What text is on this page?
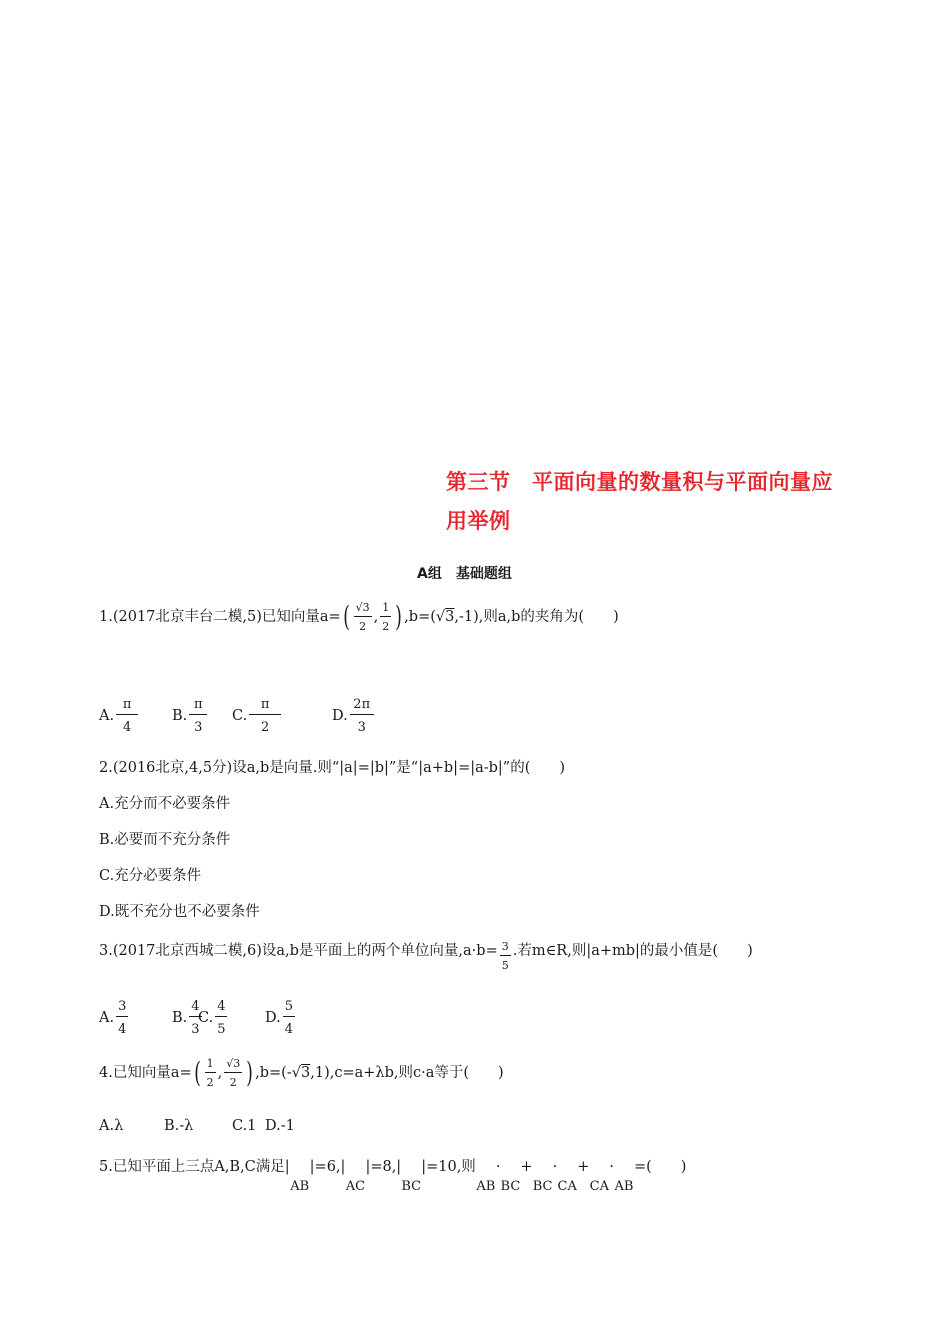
第三节　平面向量的数量积与平面向量应
用举例
A组　基础题组
1.(2017北京丰台二模,5)已知向量$a=( \frac{√3}{2}$ , $\frac{1}{2}$ ) ,b=(√3,-1),则a,b的夹角为(　　)
A. $\frac{\pi}{4} B$. $\frac{\pi}{3} C$. $\frac{\pi}{2}$	D. $\frac{2\pi}{3}$
2.(2016北京,4,5分)设a,b是向量.则“|a|=|b|”是“|a+b|=|a-b|”的(　　)
A.充分而不必要条件
B.必要而不充分条件
C.充分必要条件
D.既不充分也不必要条件
3.(2017北京西城二模,6)设a,b是平面上的两个单位向量$,a\cdot b= \frac{3}{5}$ .若m∈R,则|a+mb|的最小值是(　　)
A. $\frac{3}{4}$	B. $\frac{4}{3}$
C. $\frac{4}{5}$	D. $\frac{5}{4}$
4.已知向量$a=( \frac{1}{2}$ , $\frac{√3}{2}$ ) ,b=(-√3,1),c=a+λb,则c·a等于(　　)
A.λ	B.-λ	C.1 D.-1
5.已知平面上三点A,B,C满足|
AB
|=6,|
AC
|=8,|
BC
|=10,则
AB
·
BC
+
BC
·
CA
+
CA
·
AB
=(　　)
